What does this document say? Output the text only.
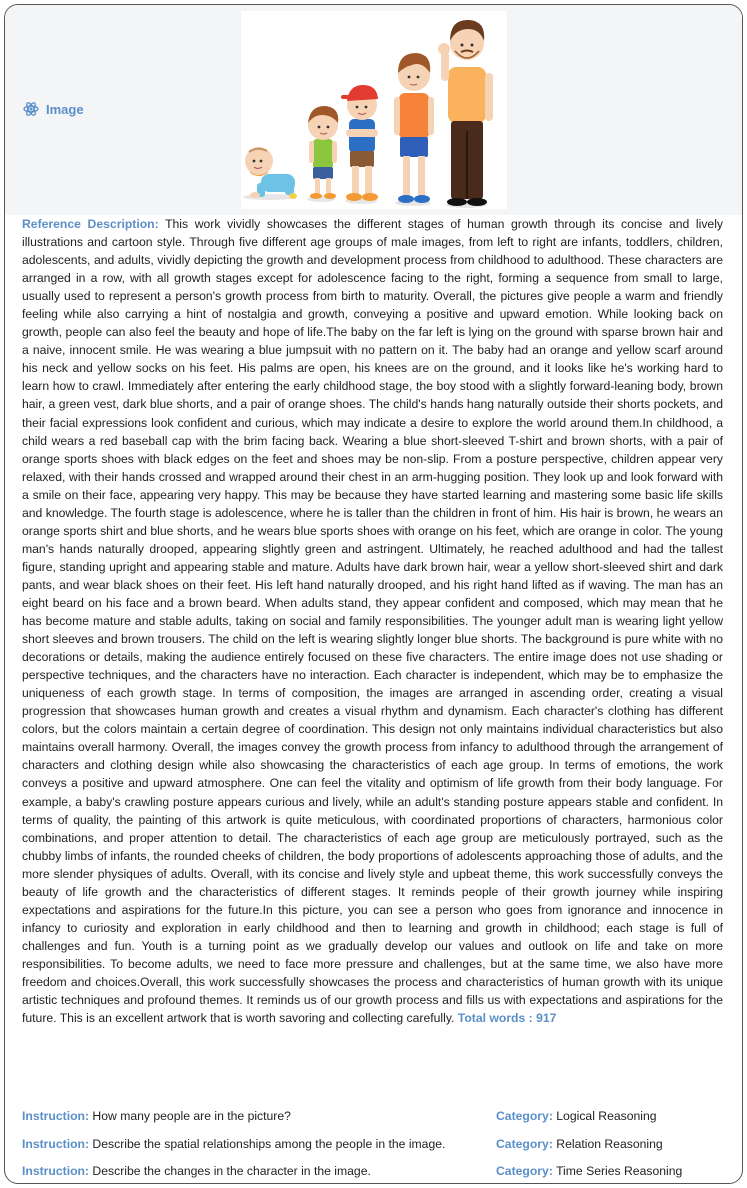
Image
Reference Description: This work vividly showcases the different stages of human growth through its concise and lively illustrations and cartoon style. Through five different age groups of male images, from left to right are infants, toddlers, children, adolescents, and adults, vividly depicting the growth and development process from childhood to adulthood. These characters are arranged in a row, with all growth stages except for adolescence facing to the right, forming a sequence from small to large, usually used to represent a person's growth process from birth to maturity. Overall, the pictures give people a warm and friendly feeling while also carrying a hint of nostalgia and growth, conveying a positive and upward emotion. While looking back on growth, people can also feel the beauty and hope of life.The baby on the far left is lying on the ground with sparse brown hair and a naive, innocent smile. He was wearing a blue jumpsuit with no pattern on it. The baby had an orange and yellow scarf around his neck and yellow socks on his feet. His palms are open, his knees are on the ground, and it looks like he's working hard to learn how to crawl. Immediately after entering the early childhood stage, the boy stood with a slightly forward-leaning body, brown hair, a green vest, dark blue shorts, and a pair of orange shoes. The child's hands hang naturally outside their shorts pockets, and their facial expressions look confident and curious, which may indicate a desire to explore the world around them.In childhood, a child wears a red baseball cap with the brim facing back. Wearing a blue short-sleeved T-shirt and brown shorts, with a pair of orange sports shoes with black edges on the feet and shoes may be non-slip. From a posture perspective, children appear very relaxed, with their hands crossed and wrapped around their chest in an arm-hugging position. They look up and look forward with a smile on their face, appearing very happy. This may be because they have started learning and mastering some basic life skills and knowledge. The fourth stage is adolescence, where he is taller than the children in front of him. His hair is brown, he wears an orange sports shirt and blue shorts, and he wears blue sports shoes with orange on his feet, which are orange in color. The young man's hands naturally drooped, appearing slightly green and astringent. Ultimately, he reached adulthood and had the tallest figure, standing upright and appearing stable and mature. Adults have dark brown hair, wear a yellow short-sleeved shirt and dark pants, and wear black shoes on their feet. His left hand naturally drooped, and his right hand lifted as if waving. The man has an eight beard on his face and a brown beard. When adults stand, they appear confident and composed, which may mean that he has become mature and stable adults, taking on social and family responsibilities. The younger adult man is wearing light yellow short sleeves and brown trousers. The child on the left is wearing slightly longer blue shorts. The background is pure white with no decorations or details, making the audience entirely focused on these five characters. The entire image does not use shading or perspective techniques, and the characters have no interaction. Each character is independent, which may be to emphasize the uniqueness of each growth stage. In terms of composition, the images are arranged in ascending order, creating a visual progression that showcases human growth and creates a visual rhythm and dynamism. Each character's clothing has different colors, but the colors maintain a certain degree of coordination. This design not only maintains individual characteristics but also maintains overall harmony. Overall, the images convey the growth process from infancy to adulthood through the arrangement of characters and clothing design while also showcasing the characteristics of each age group. In terms of emotions, the work conveys a positive and upward atmosphere. One can feel the vitality and optimism of life growth from their body language. For example, a baby's crawling posture appears curious and lively, while an adult's standing posture appears stable and confident. In terms of quality, the painting of this artwork is quite meticulous, with coordinated proportions of characters, harmonious color combinations, and proper attention to detail. The characteristics of each age group are meticulously portrayed, such as the chubby limbs of infants, the rounded cheeks of children, the body proportions of adolescents approaching those of adults, and the more slender physiques of adults. Overall, with its concise and lively style and upbeat theme, this work successfully conveys the beauty of life growth and the characteristics of different stages. It reminds people of their growth journey while inspiring expectations and aspirations for the future.In this picture, you can see a person who goes from ignorance and innocence in infancy to curiosity and exploration in early childhood and then to learning and growth in childhood; each stage is full of challenges and fun. Youth is a turning point as we gradually develop our values and outlook on life and take on more responsibilities. To become adults, we need to face more pressure and challenges, but at the same time, we also have more freedom and choices.Overall, this work successfully showcases the process and characteristics of human growth with its unique artistic techniques and profound themes. It reminds us of our growth process and fills us with expectations and aspirations for the future. This is an excellent artwork that is worth savoring and collecting carefully. Total words : 917
Instruction: How many people are in the picture?	Category: Logical Reasoning
Instruction: Describe the spatial relationships among the people in the image.	Category: Relation Reasoning
Instruction: Describe the changes in the character in the image.	Category: Time Series Reasoning
